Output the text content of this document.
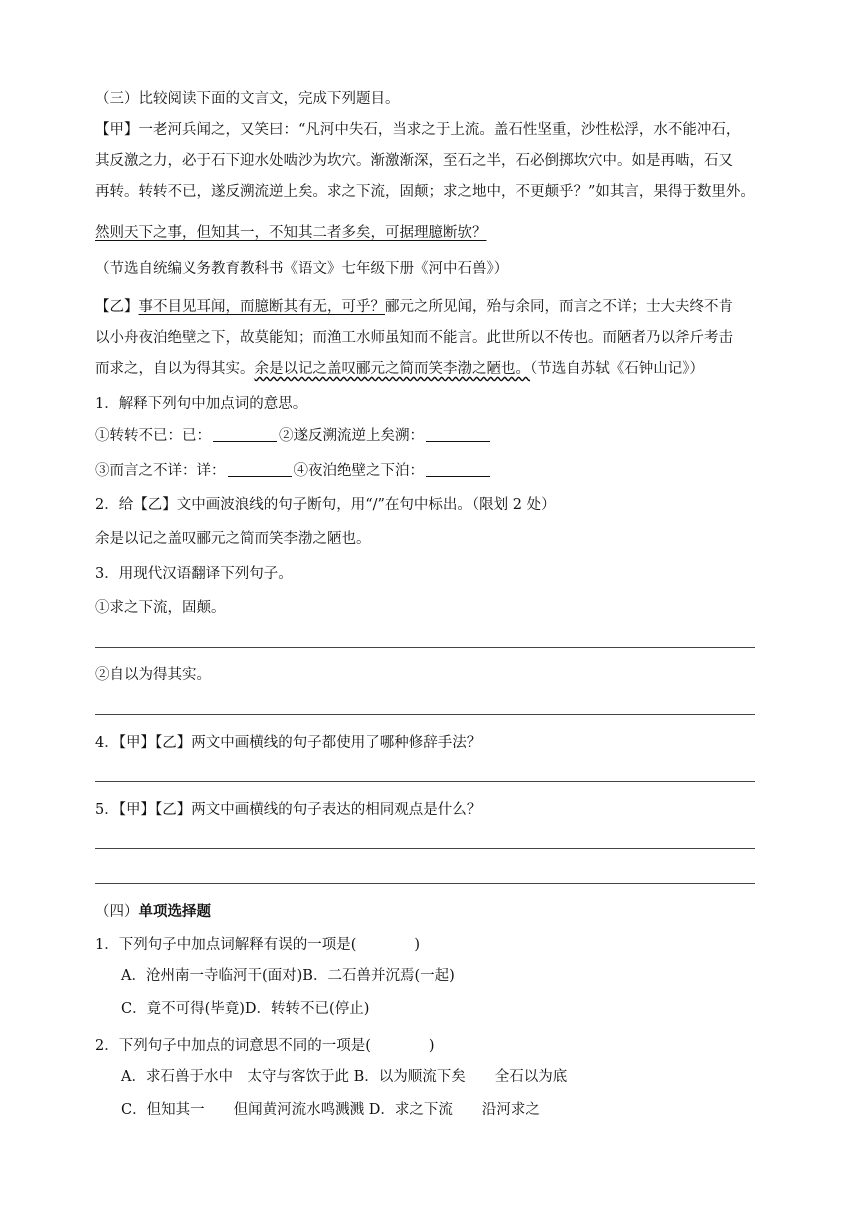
（三）比较阅读下面的文言文，完成下列题目。
【甲】一老河兵闻之，又笑曰：“凡河中失石，当求之于上流。盖石性坚重，沙性松浮，水不能冲石，
其反激之力，必于石下迎水处啮沙为坎穴。渐激渐深，至石之半，石必倒掷坎穴中。如是再啮，石又
再转。转转不已，遂反溯流逆上矣。求之下流，固颠；求之地中，不更颠乎？”如其言，果得于数里外。
然则天下之事，但知其一，不知其二者多矣，可据理臆断欤？
（节选自统编义务教育教科书《语文》七年级下册《河中石兽》）
【乙】事不目见耳闻，而臆断其有无，可乎？郦元之所见闻，殆与余同，而言之不详；士大夫终不肯
以小舟夜泊绝壁之下，故莫能知；而渔工水师虽知而不能言。此世所以不传也。而陋者乃以斧斤考击
而求之，自以为得其实。余是以记之盖叹郦元之简而笑李渤之陋也。（节选自苏轼《石钟山记》）
1．解释下列句中加点词的意思。
①转转不已：已：	②遂反溯流逆上矣溯：
③而言之不详：详：	④夜泊绝壁之下泊：
2．给【乙】文中画波浪线的句子断句，用“/”在句中标出。（限划 2 处）
余是以记之盖叹郦元之简而笑李渤之陋也。
3．用现代汉语翻译下列句子。
①求之下流，固颠。
②自以为得其实。
4．【甲】【乙】两文中画横线的句子都使用了哪种修辞手法？
5．【甲】【乙】两文中画横线的句子表达的相同观点是什么？
（四）单项选择题
1．下列句子中加点词解释有误的一项是(　　　　)
A．沧州南一寺临河干(面对)B．二石兽并沉焉(一起)
C．竟不可得(毕竟)D．转转不已(停止)
2．下列句子中加点的词意思不同的一项是(　　　　)
A．求石兽于水中　太守与客饮于此 B．以为顺流下矣　　全石以为底
C．但知其一　　但闻黄河流水鸣溅溅 D．求之下流　　沿河求之
